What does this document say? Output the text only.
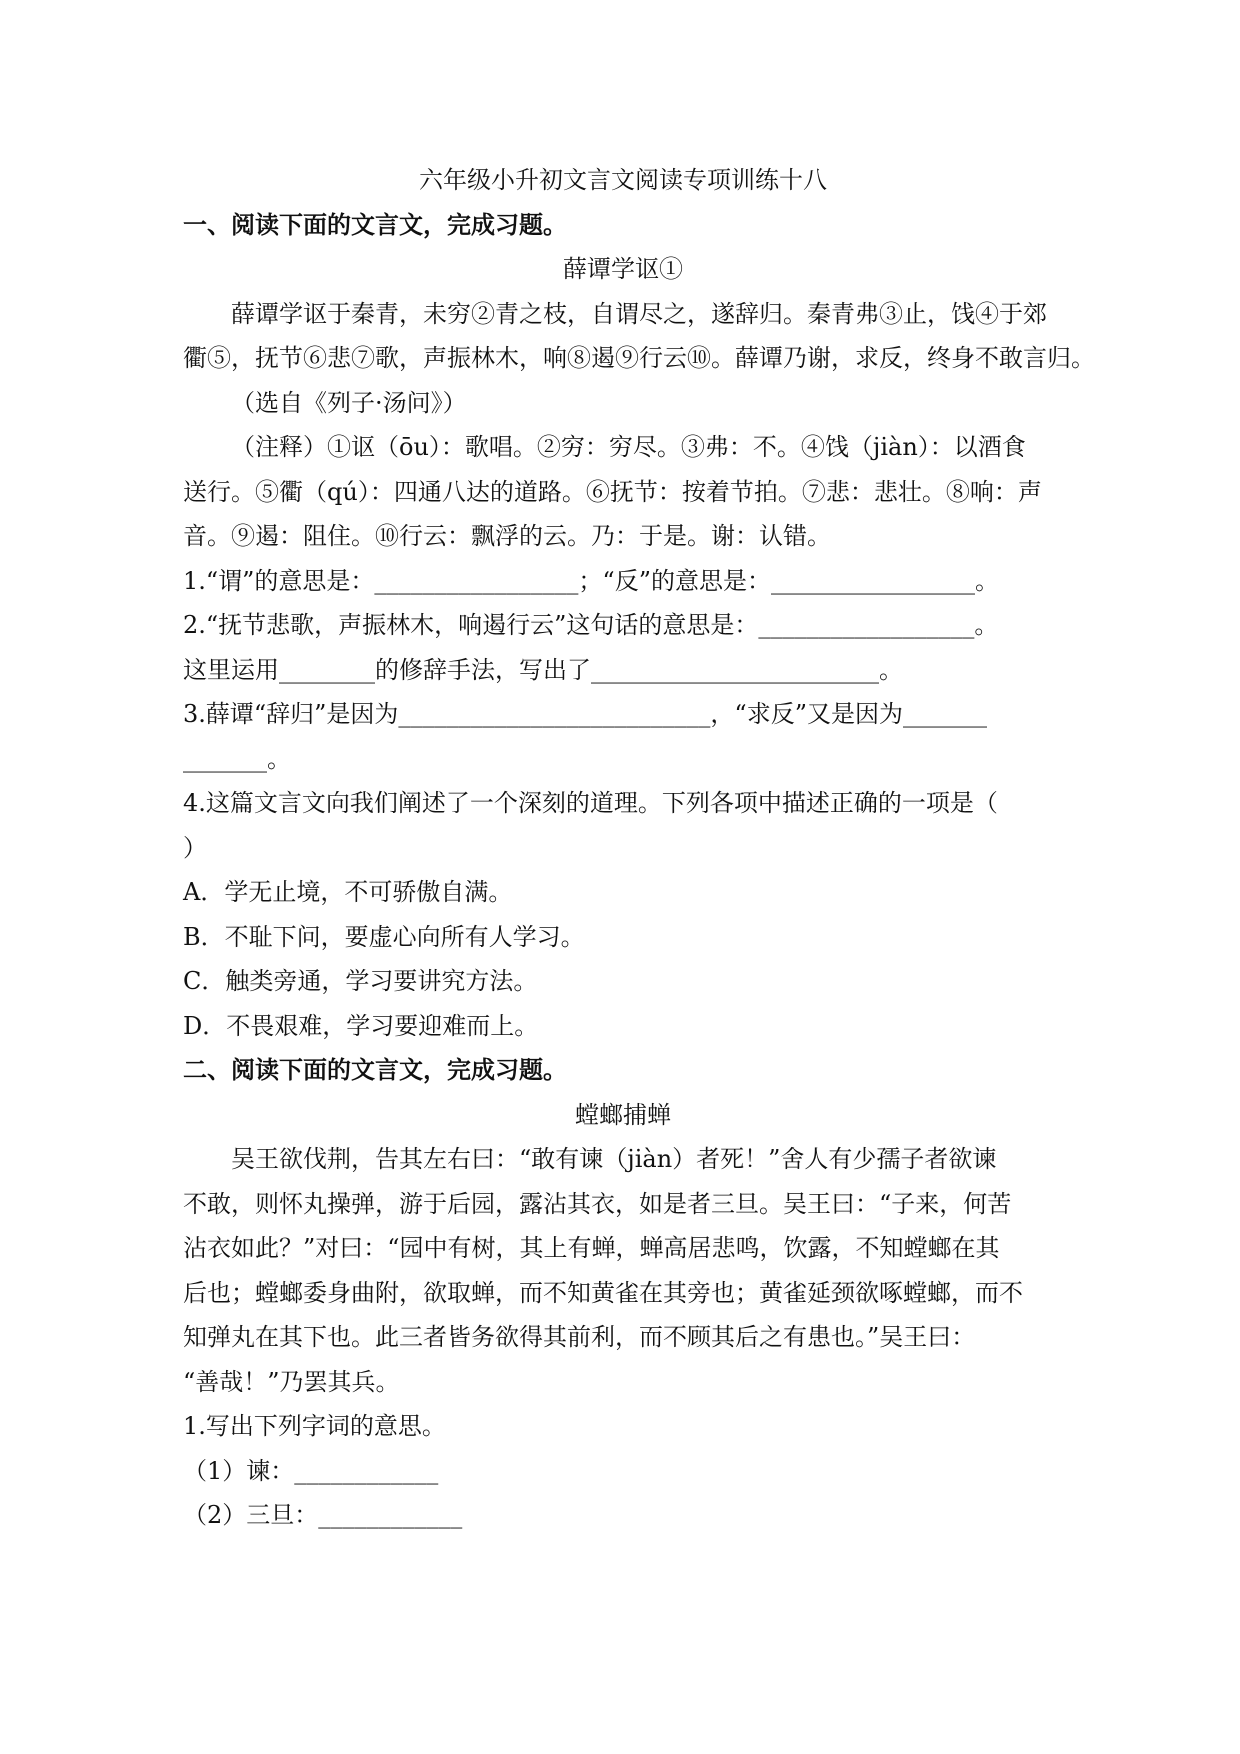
六年级小升初文言文阅读专项训练十八
一、阅读下面的文言文，完成习题。
薛谭学讴①
薛谭学讴于秦青，未穷②青之枝，自谓尽之，遂辞归。秦青弗③止，饯④于郊
衢⑤，抚节⑥悲⑦歌，声振林木，响⑧遏⑨行云⑩。薛谭乃谢，求反，终身不敢言归。
（选自《列子·汤问》）
（注释）①讴（ōu）：歌唱。②穷：穷尽。③弗：不。④饯（jiàn）：以酒食
送行。⑤衢（qú）：四通八达的道路。⑥抚节：按着节拍。⑦悲：悲壮。⑧响：声
音。⑨遏：阻住。⑩行云：飘浮的云。乃：于是。谢：认错。
1.“谓”的意思是：_________________；“反”的意思是：_________________。
2.“抚节悲歌，声振林木，响遏行云”这句话的意思是：__________________。
这里运用________的修辞手法，写出了________________________。
3.薛谭“辞归”是因为__________________________，“求反”又是因为_______
_______。
4.这篇文言文向我们阐述了一个深刻的道理。下列各项中描述正确的一项是（
）
A．学无止境，不可骄傲自满。
B．不耻下问，要虚心向所有人学习。
C．触类旁通，学习要讲究方法。
D．不畏艰难，学习要迎难而上。
二、阅读下面的文言文，完成习题。
螳螂捕蝉
吴王欲伐荆，告其左右曰：“敢有谏（jiàn）者死！”舍人有少孺子者欲谏
不敢，则怀丸操弹，游于后园，露沾其衣，如是者三旦。吴王曰：“子来，何苦
沾衣如此？”对曰：“园中有树，其上有蝉，蝉高居悲鸣，饮露，不知螳螂在其
后也；螳螂委身曲附，欲取蝉，而不知黄雀在其旁也；黄雀延颈欲啄螳螂，而不
知弹丸在其下也。此三者皆务欲得其前利，而不顾其后之有患也。”吴王曰：
“善哉！”乃罢其兵。
1.写出下列字词的意思。
（1）谏：____________
（2）三旦：____________
